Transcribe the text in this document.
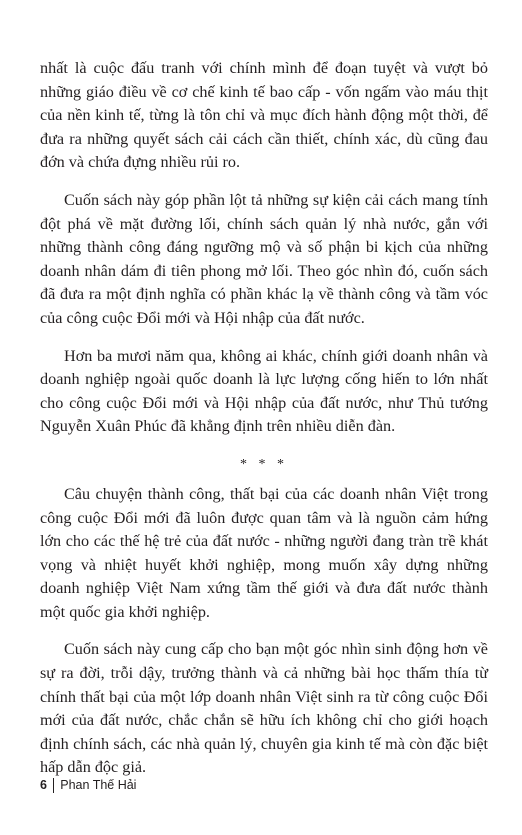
nhất là cuộc đấu tranh với chính mình để đoạn tuyệt và vượt bỏ những giáo điều về cơ chế kinh tế bao cấp - vốn ngấm vào máu thịt của nền kinh tế, từng là tôn chỉ và mục đích hành động một thời, để đưa ra những quyết sách cải cách cần thiết, chính xác, dù cũng đau đớn và chứa đựng nhiều rủi ro.

Cuốn sách này góp phần lột tả những sự kiện cải cách mang tính đột phá về mặt đường lối, chính sách quản lý nhà nước, gắn với những thành công đáng ngưỡng mộ và số phận bi kịch của những doanh nhân dám đi tiên phong mở lối. Theo góc nhìn đó, cuốn sách đã đưa ra một định nghĩa có phần khác lạ về thành công và tầm vóc của công cuộc Đổi mới và Hội nhập của đất nước.

Hơn ba mươi năm qua, không ai khác, chính giới doanh nhân và doanh nghiệp ngoài quốc doanh là lực lượng cống hiến to lớn nhất cho công cuộc Đổi mới và Hội nhập của đất nước, như Thủ tướng Nguyễn Xuân Phúc đã khẳng định trên nhiều diễn đàn.

* * *

Câu chuyện thành công, thất bại của các doanh nhân Việt trong công cuộc Đổi mới đã luôn được quan tâm và là nguồn cảm hứng lớn cho các thế hệ trẻ của đất nước - những người đang tràn trề khát vọng và nhiệt huyết khởi nghiệp, mong muốn xây dựng những doanh nghiệp Việt Nam xứng tầm thế giới và đưa đất nước thành một quốc gia khởi nghiệp.

Cuốn sách này cung cấp cho bạn một góc nhìn sinh động hơn về sự ra đời, trỗi dậy, trưởng thành và cả những bài học thấm thía từ chính thất bại của một lớp doanh nhân Việt sinh ra từ công cuộc Đổi mới của đất nước, chắc chắn sẽ hữu ích không chỉ cho giới hoạch định chính sách, các nhà quản lý, chuyên gia kinh tế mà còn đặc biệt hấp dẫn độc giả.

6 Phan Thế Hải
